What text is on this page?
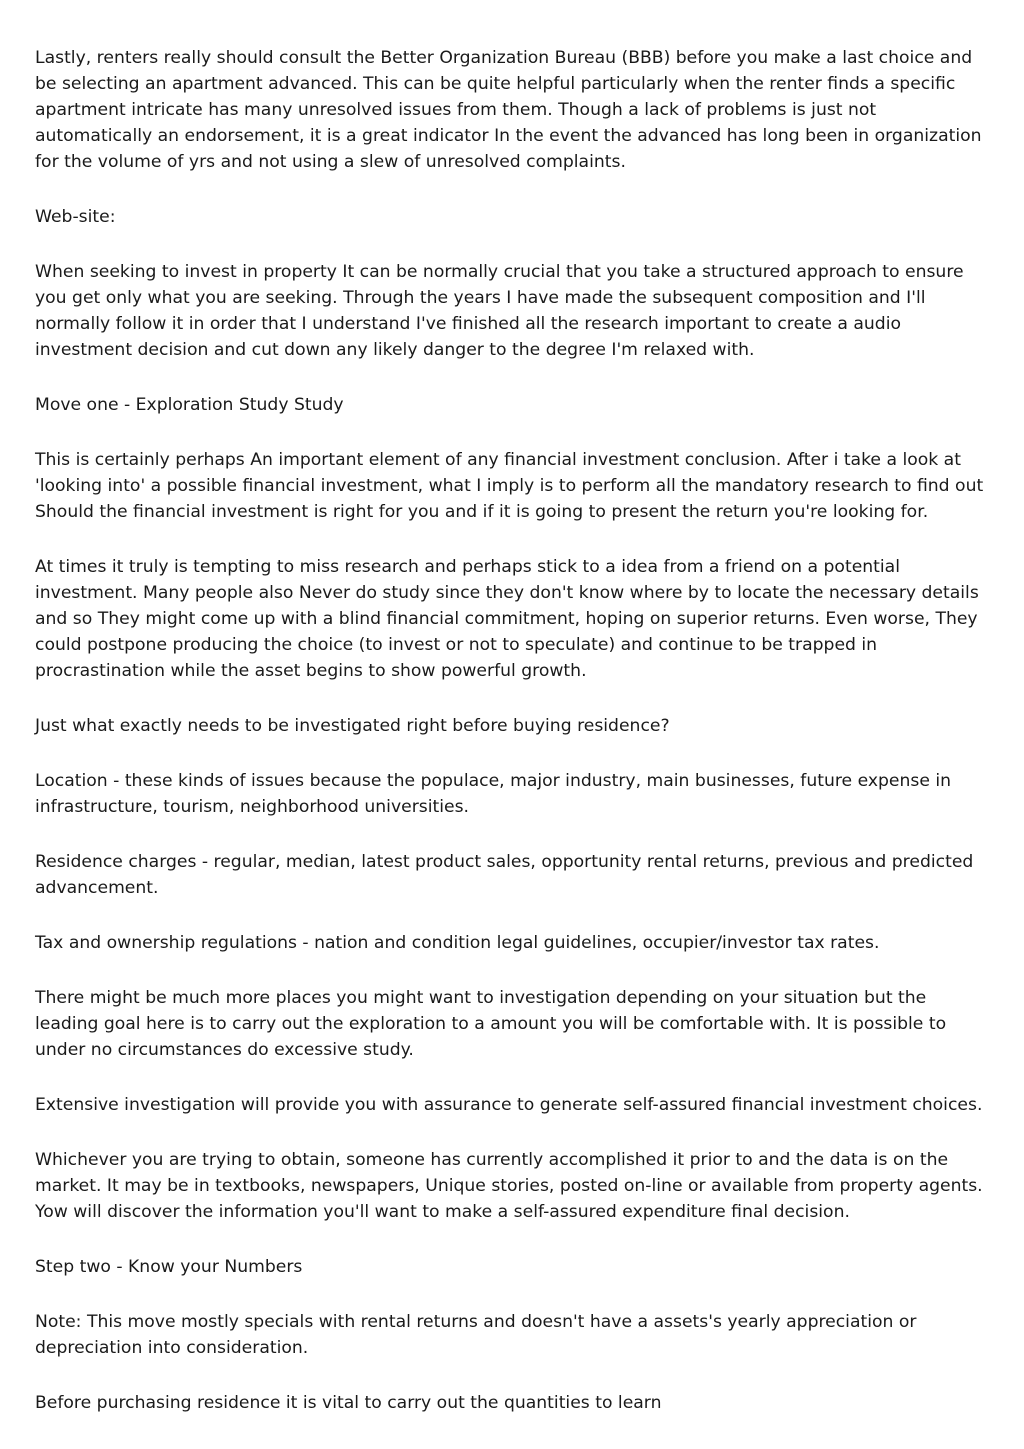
Lastly, renters really should consult the Better Organization Bureau (BBB) before you make a last choice and be selecting an apartment advanced. This can be quite helpful particularly when the renter finds a specific apartment intricate has many unresolved issues from them. Though a lack of problems is just not automatically an endorsement, it is a great indicator In the event the advanced has long been in organization for the volume of yrs and not using a slew of unresolved complaints.

Web-site:

When seeking to invest in property It can be normally crucial that you take a structured approach to ensure you get only what you are seeking. Through the years I have made the subsequent composition and I'll normally follow it in order that I understand I've finished all the research important to create a audio investment decision and cut down any likely danger to the degree I'm relaxed with.

Move one - Exploration Study Study

This is certainly perhaps An important element of any financial investment conclusion. After i take a look at 'looking into' a possible financial investment, what I imply is to perform all the mandatory research to find out Should the financial investment is right for you and if it is going to present the return you're looking for.

At times it truly is tempting to miss research and perhaps stick to a idea from a friend on a potential investment. Many people also Never do study since they don't know where by to locate the necessary details and so They might come up with a blind financial commitment, hoping on superior returns. Even worse, They could postpone producing the choice (to invest or not to speculate) and continue to be trapped in procrastination while the asset begins to show powerful growth.

Just what exactly needs to be investigated right before buying residence?

Location - these kinds of issues because the populace, major industry, main businesses, future expense in infrastructure, tourism, neighborhood universities.

Residence charges - regular, median, latest product sales, opportunity rental returns, previous and predicted advancement.

Tax and ownership regulations - nation and condition legal guidelines, occupier/investor tax rates.

There might be much more places you might want to investigation depending on your situation but the leading goal here is to carry out the exploration to a amount you will be comfortable with. It is possible to under no circumstances do excessive study.

Extensive investigation will provide you with assurance to generate self-assured financial investment choices.

Whichever you are trying to obtain, someone has currently accomplished it prior to and the data is on the market. It may be in textbooks, newspapers, Unique stories, posted on-line or available from property agents. Yow will discover the information you'll want to make a self-assured expenditure final decision.

Step two - Know your Numbers

Note: This move mostly specials with rental returns and doesn't have a assets's yearly appreciation or depreciation into consideration.

Before purchasing residence it is vital to carry out the quantities to learn
